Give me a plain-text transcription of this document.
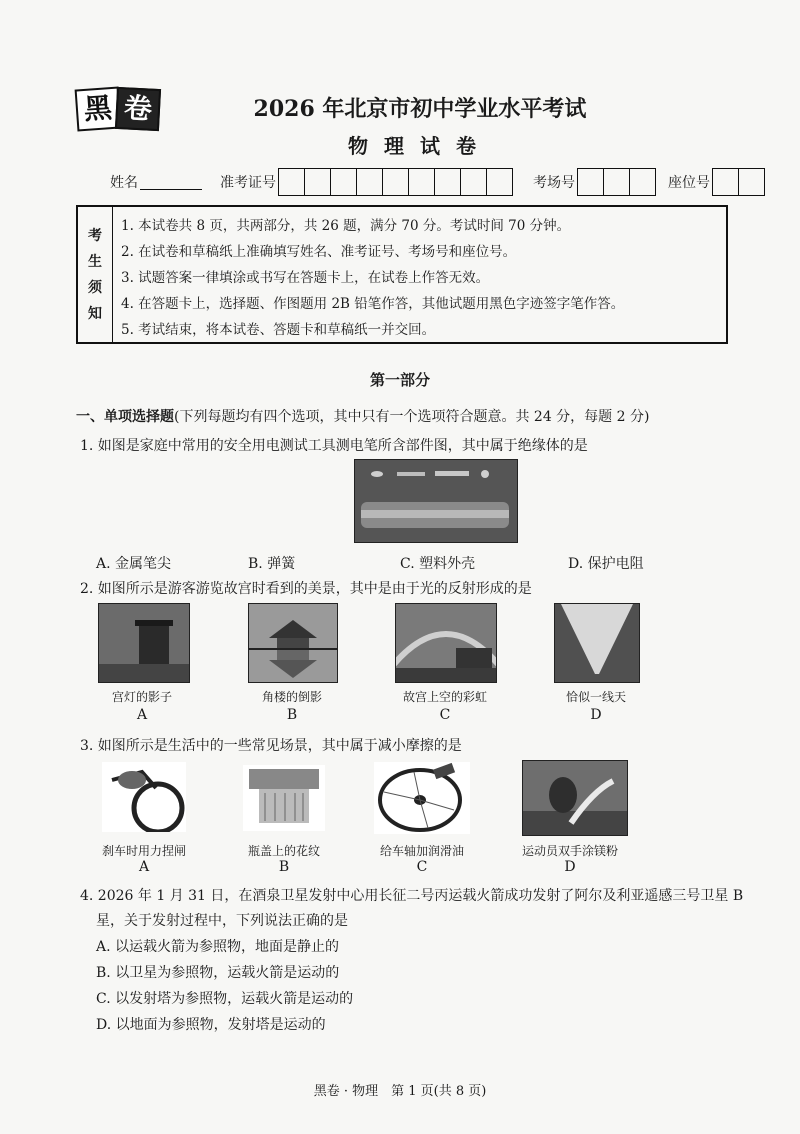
黑 卷	2026 年北京市初中学业水平考试
物理试卷
姓名	准考证号	考场号	座位号
考
生
须
知
1. 本试卷共 8 页，共两部分，共 26 题，满分 70 分。考试时间 70 分钟。
2. 在试卷和草稿纸上准确填写姓名、准考证号、考场号和座位号。
3. 试题答案一律填涂或书写在答题卡上，在试卷上作答无效。
4. 在答题卡上，选择题、作图题用 2B 铅笔作答，其他试题用黑色字迹签字笔作答。
5. 考试结束，将本试卷、答题卡和草稿纸一并交回。
第一部分
一、单项选择题(下列每题均有四个选项，其中只有一个选项符合题意。共 24 分，每题 2 分)
1. 如图是家庭中常用的安全用电测试工具测电笔所含部件图，其中属于绝缘体的是
A. 金属笔尖	B. 弹簧	C. 塑料外壳	D. 保护电阻
2. 如图所示是游客游览故宫时看到的美景，其中是由于光的反射形成的是
宫灯的影子	角楼的倒影	故宫上空的彩虹	恰似一线天
A	B	C	D
3. 如图所示是生活中的一些常见场景，其中属于减小摩擦的是
刹车时用力捏闸	瓶盖上的花纹	给车轴加润滑油	运动员双手涂镁粉
A	B	C	D
4. 2026 年 1 月 31 日，在酒泉卫星发射中心用长征二号丙运载火箭成功发射了阿尔及利亚遥感三号卫星 B
星，关于发射过程中，下列说法正确的是
A. 以运载火箭为参照物，地面是静止的
B. 以卫星为参照物，运载火箭是运动的
C. 以发射塔为参照物，运载火箭是运动的
D. 以地面为参照物，发射塔是运动的
黑卷 · 物理　第 1 页(共 8 页)
